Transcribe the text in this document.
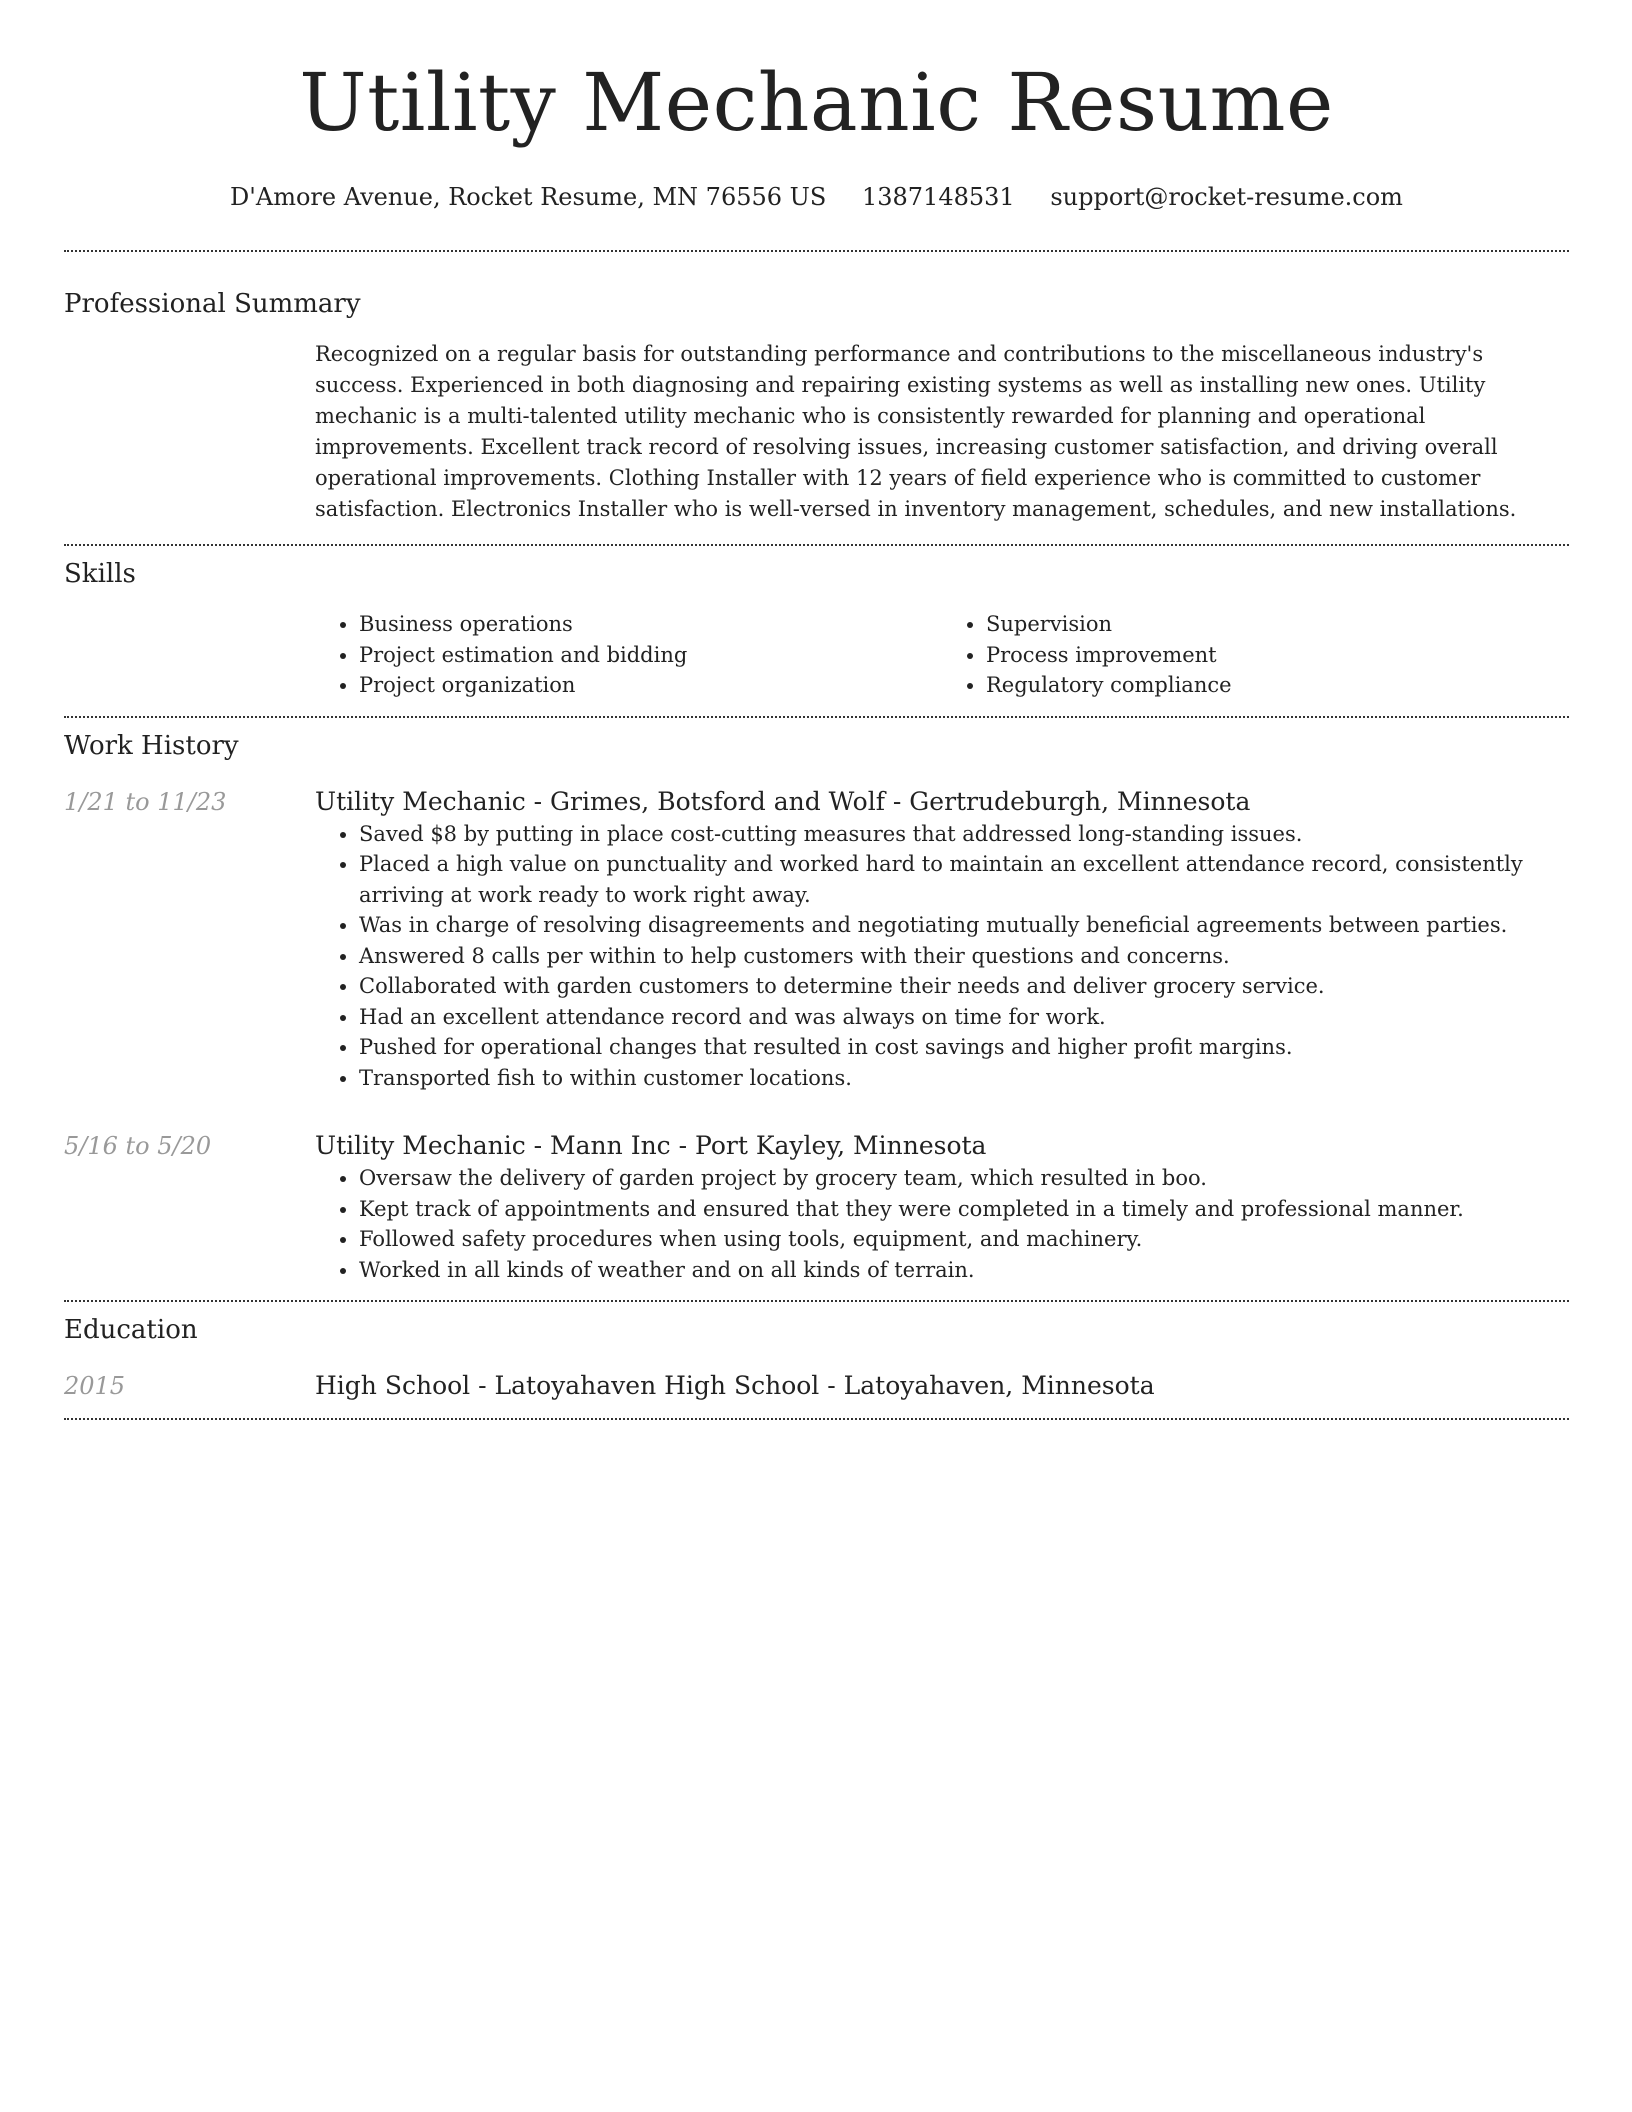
Utility Mechanic Resume
D'Amore Avenue, Rocket Resume, MN 76556 US 1387148531 support@rocket-resume.com
Professional Summary

Recognized on a regular basis for outstanding performance and contributions to the miscellaneous industry's success. Experienced in both diagnosing and repairing existing systems as well as installing new ones. Utility mechanic is a multi-talented utility mechanic who is consistently rewarded for planning and operational improvements. Excellent track record of resolving issues, increasing customer satisfaction, and driving overall operational improvements. Clothing Installer with 12 years of field experience who is committed to customer satisfaction. Electronics Installer who is well-versed in inventory management, schedules, and new installations.

Skills
• Business operations
• Project estimation and bidding
• Project organization
• Supervision
• Process improvement
• Regulatory compliance
Work History
1/21 to 11/23	Utility Mechanic - Grimes, Botsford and Wolf - Gertrudeburgh, Minnesota
• Saved $8 by putting in place cost-cutting measures that addressed long-standing issues.
• Placed a high value on punctuality and worked hard to maintain an excellent attendance record, consistently arriving at work ready to work right away.
• Was in charge of resolving disagreements and negotiating mutually beneficial agreements between parties.
• Answered 8 calls per within to help customers with their questions and concerns.
• Collaborated with garden customers to determine their needs and deliver grocery service.
• Had an excellent attendance record and was always on time for work.
• Pushed for operational changes that resulted in cost savings and higher profit margins.
• Transported fish to within customer locations.
5/16 to 5/20	Utility Mechanic - Mann Inc - Port Kayley, Minnesota
• Oversaw the delivery of garden project by grocery team, which resulted in boo.
• Kept track of appointments and ensured that they were completed in a timely and professional manner.
• Followed safety procedures when using tools, equipment, and machinery.
• Worked in all kinds of weather and on all kinds of terrain.
Education
2015	High School - Latoyahaven High School - Latoyahaven, Minnesota
